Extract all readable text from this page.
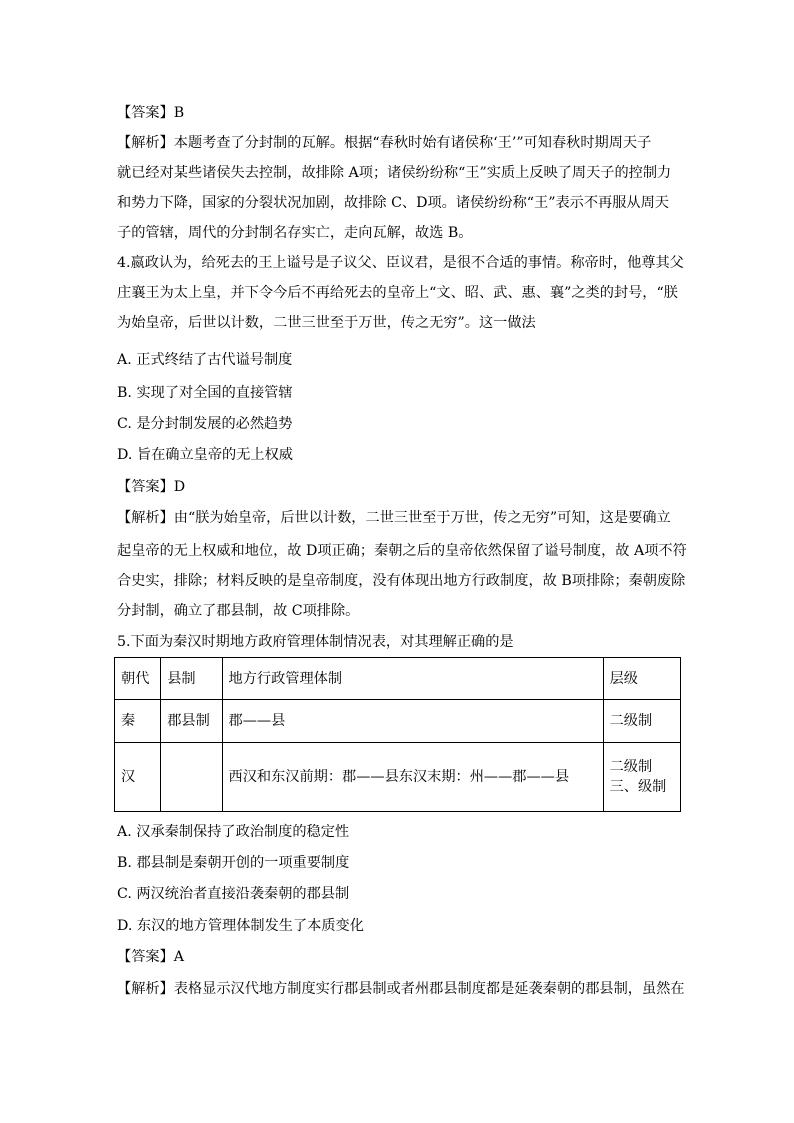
【答案】B
【解析】本题考查了分封制的瓦解。根据“春秋时始有诸侯称‘王’”可知春秋时期周天子
就已经对某些诸侯失去控制，故排除 A项；诸侯纷纷称“王”实质上反映了周天子的控制力
和势力下降，国家的分裂状况加剧，故排除 C、D项。诸侯纷纷称“王”表示不再服从周天
子的管辖，周代的分封制名存实亡，走向瓦解，故选 B。
4.嬴政认为，给死去的王上谥号是子议父、臣议君，是很不合适的事情。称帝时，他尊其父
庄襄王为太上皇，并下令今后不再给死去的皇帝上“文、昭、武、惠、襄”之类的封号，“朕
为始皇帝，后世以计数，二世三世至于万世，传之无穷”。这一做法
A. 正式终结了古代谥号制度
B. 实现了对全国的直接管辖
C. 是分封制发展的必然趋势
D. 旨在确立皇帝的无上权威
【答案】D
【解析】由“朕为始皇帝，后世以计数，二世三世至于万世，传之无穷”可知，这是要确立
起皇帝的无上权威和地位，故 D项正确；秦朝之后的皇帝依然保留了谥号制度，故 A项不符
合史实，排除；材料反映的是皇帝制度，没有体现出地方行政制度，故 B项排除；秦朝废除
分封制，确立了郡县制，故 C项排除。
5.下面为秦汉时期地方政府管理体制情况表，对其理解正确的是
朝代	县制	地方行政管理体制	层级
秦	郡县制	郡——县	二级制
汉		西汉和东汉前期：郡——县东汉末期：州——郡——县	二级制
三、级制
A. 汉承秦制保持了政治制度的稳定性
B. 郡县制是秦朝开创的一项重要制度
C. 两汉统治者直接沿袭秦朝的郡县制
D. 东汉的地方管理体制发生了本质变化
【答案】A
【解析】表格显示汉代地方制度实行郡县制或者州郡县制度都是延袭秦朝的郡县制，虽然在
